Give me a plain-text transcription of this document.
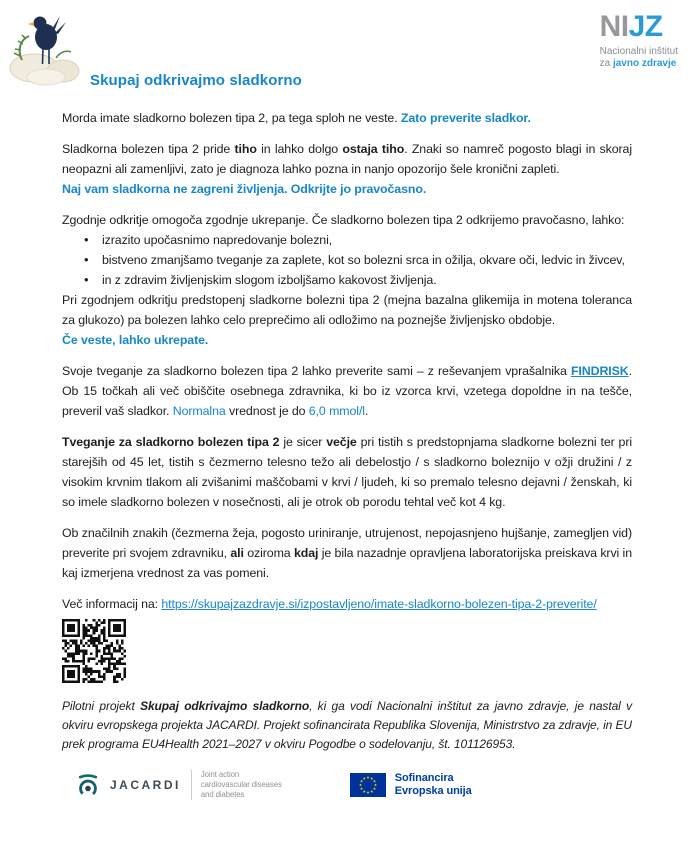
Skupaj odkrivajmo sladkorno
NIJZ
Nacionalni inštitut
za javno zdravje

Morda imate sladkorno bolezen tipa 2, pa tega sploh ne veste. Zato preverite sladkor.

Sladkorna bolezen tipa 2 pride tiho in lahko dolgo ostaja tiho. Znaki so namreč pogosto blagi in skoraj neopazni ali zamenljivi, zato je diagnoza lahko pozna in nanjo opozorijo šele kronični zapleti.

Naj vam sladkorna ne zagreni življenja. Odkrijte jo pravočasno.

Zgodnje odkritje omogoča zgodnje ukrepanje. Če sladkorno bolezen tipa 2 odkrijemo pravočasno, lahko:

• izrazito upočasnimo napredovanje bolezni,
• bistveno zmanjšamo tveganje za zaplete, kot so bolezni srca in ožilja, okvare oči, ledvic in živcev,
• in z zdravim življenjskim slogom izboljšamo kakovost življenja.

Pri zgodnjem odkritju predstopenj sladkorne bolezni tipa 2 (mejna bazalna glikemija in motena toleranca za glukozo) pa bolezen lahko celo preprečimo ali odložimo na poznejše življenjsko obdobje.

Če veste, lahko ukrepate.

Svoje tveganje za sladkorno bolezen tipa 2 lahko preverite sami – z reševanjem vprašalnika FINDRISK. Ob 15 točkah ali več obiščite osebnega zdravnika, ki bo iz vzorca krvi, vzetega dopoldne in na tešče, preveril vaš sladkor. Normalna vrednost je do 6,0 mmol/l.

Tveganje za sladkorno bolezen tipa 2 je sicer večje pri tistih s predstopnjama sladkorne bolezni ter pri starejših od 45 let, tistih s čezmerno telesno težo ali debelostjo / s sladkorno boleznijo v ožji družini / z visokim krvnim tlakom ali zvišanimi maščobami v krvi / ljudeh, ki so premalo telesno dejavni / ženskah, ki so imele sladkorno bolezen v nosečnosti, ali je otrok ob porodu tehtal več kot 4 kg.

Ob značilnih znakih (čezmerna žeja, pogosto uriniranje, utrujenost, nepojasnjeno hujšanje, zamegljen vid) preverite pri svojem zdravniku, ali oziroma kdaj je bila nazadnje opravljena laboratorijska preiskava krvi in kaj izmerjena vrednost za vas pomeni.

Več informacij na: https://skupajzazdravje.si/izpostavljeno/imate-sladkorno-bolezen-tipa-2-preverite/

Pilotni projekt Skupaj odkrivajmo sladkorno, ki ga vodi Nacionalni inštitut za javno zdravje, je nastal v okviru evropskega projekta JACARDI. Projekt sofinancirata Republika Slovenija, Ministrstvo za zdravje, in EU prek programa EU4Health 2021–2027 v okviru Pogodbe o sodelovanju, št. 101126953.

JACARDI
Joint action
cardiovascular diseases
and diabetes
Sofinancira
Evropska unija
